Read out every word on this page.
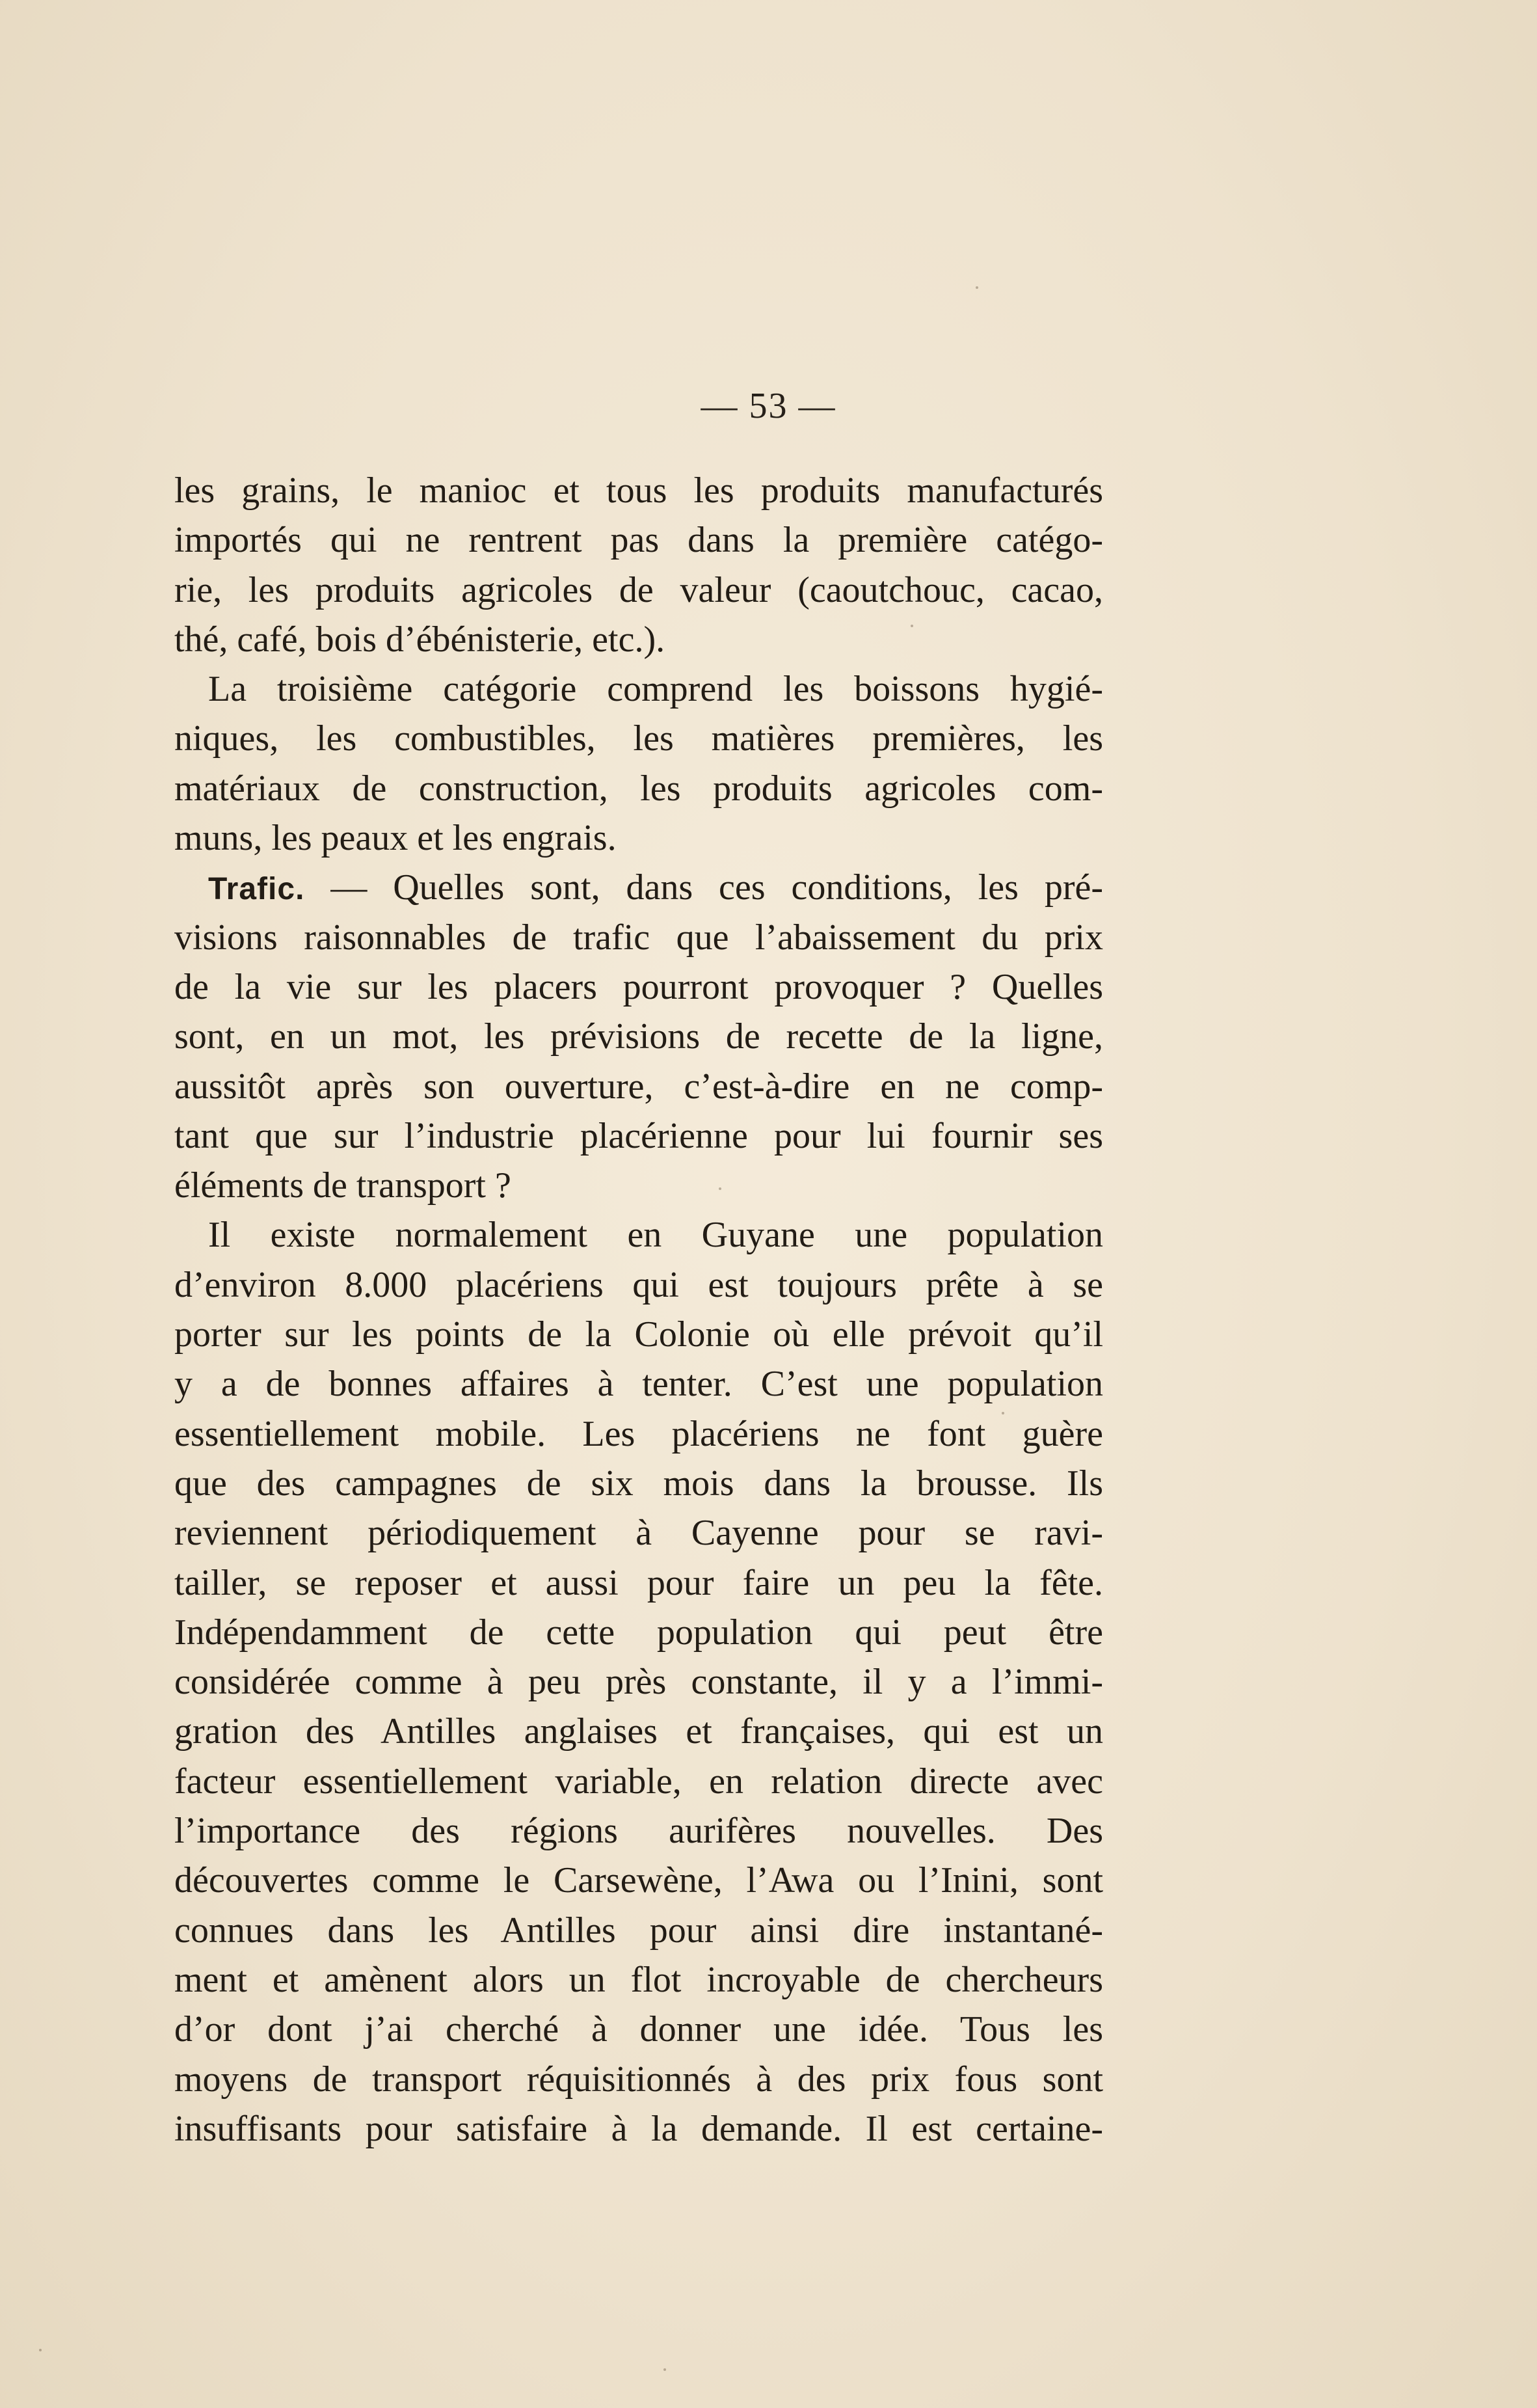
— 53 —
les grains, le manioc et tous les produits manufacturés
importés qui ne rentrent pas dans la première catégo-
rie, les produits agricoles de valeur (caoutchouc, cacao,
thé, café, bois d’ébénisterie, etc.).
La troisième catégorie comprend les boissons hygié-
niques, les combustibles, les matières premières, les
matériaux de construction, les produits agricoles com-
muns, les peaux et les engrais.
Trafic. — Quelles sont, dans ces conditions, les pré-
visions raisonnables de trafic que l’abaissement du prix
de la vie sur les placers pourront provoquer ? Quelles
sont, en un mot, les prévisions de recette de la ligne,
aussitôt après son ouverture, c’est-à-dire en ne comp-
tant que sur l’industrie placérienne pour lui fournir ses
éléments de transport ?
Il existe normalement en Guyane une population
d’environ 8.000 placériens qui est toujours prête à se
porter sur les points de la Colonie où elle prévoit qu’il
y a de bonnes affaires à tenter. C’est une population
essentiellement mobile. Les placériens ne font guère
que des campagnes de six mois dans la brousse. Ils
reviennent périodiquement à Cayenne pour se ravi-
tailler, se reposer et aussi pour faire un peu la fête.
Indépendamment de cette population qui peut être
considérée comme à peu près constante, il y a l’immi-
gration des Antilles anglaises et françaises, qui est un
facteur essentiellement variable, en relation directe avec
l’importance des régions aurifères nouvelles. Des
découvertes comme le Carsewène, l’Awa ou l’Inini, sont
connues dans les Antilles pour ainsi dire instantané-
ment et amènent alors un flot incroyable de chercheurs
d’or dont j’ai cherché à donner une idée. Tous les
moyens de transport réquisitionnés à des prix fous sont
insuffisants pour satisfaire à la demande. Il est certaine-
